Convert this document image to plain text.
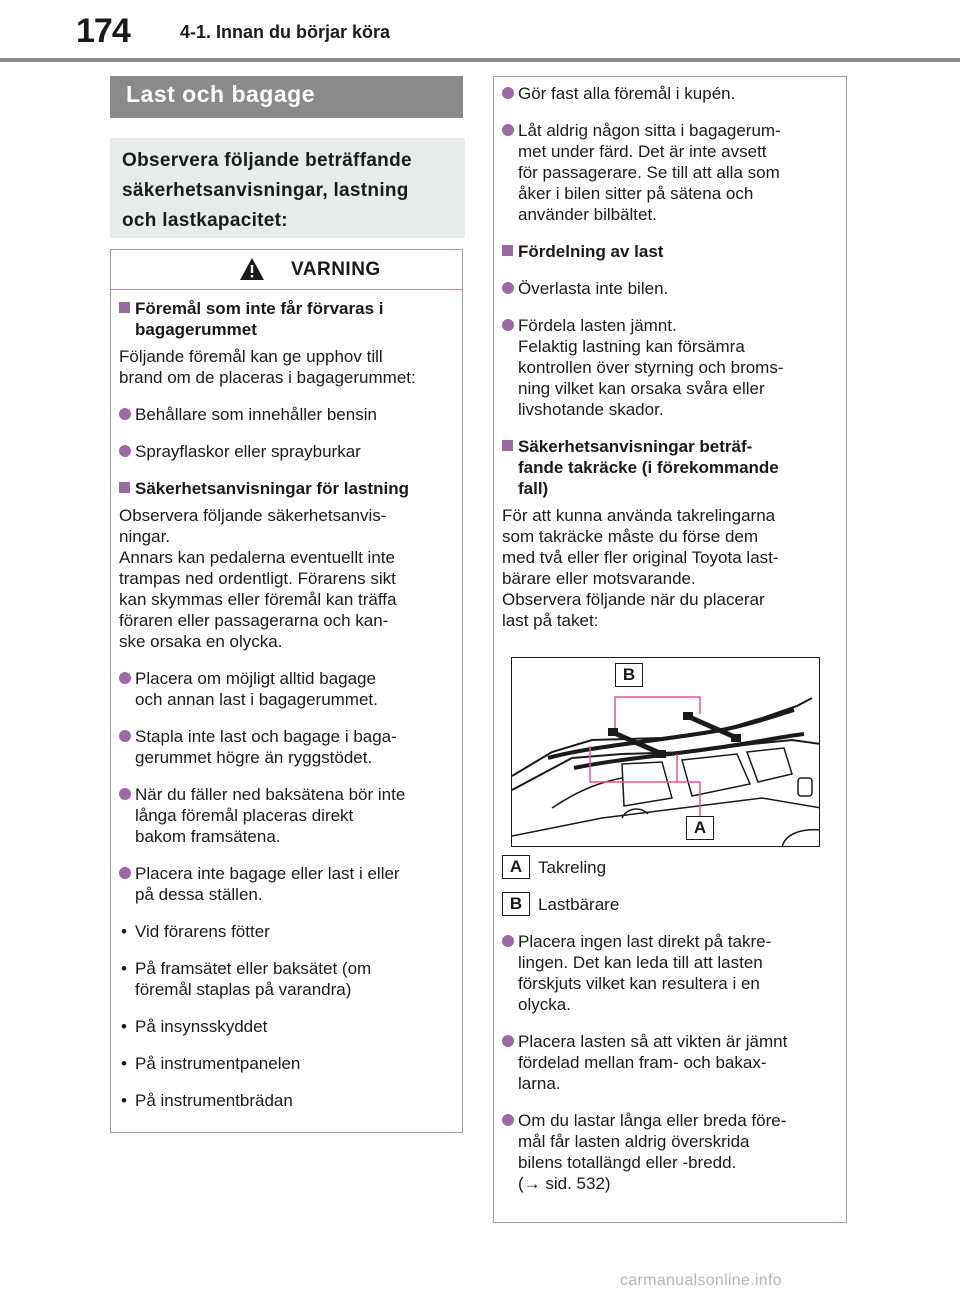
174	4-1. Innan du börjar köra
Last och bagage

Observera följande beträffande

säkerhetsanvisningar, lastning

och lastkapacitet:

VARNING
Föremål som inte får förvaras i
bagagerummet
Följande föremål kan ge upphov till
brand om de placeras i bagagerummet:
Behållare som innehåller bensin
Sprayflaskor eller sprayburkar
Säkerhetsanvisningar för lastning
Observera följande säkerhetsanvis-
ningar.
Annars kan pedalerna eventuellt inte
trampas ned ordentligt. Förarens sikt
kan skymmas eller föremål kan träffa
föraren eller passagerarna och kan-
ske orsaka en olycka.
Placera om möjligt alltid bagage
och annan last i bagagerummet.
Stapla inte last och bagage i baga-
gerummet högre än ryggstödet.
När du fäller ned baksätena bör inte
långa föremål placeras direkt
bakom framsätena.
Placera inte bagage eller last i eller
på dessa ställen.
• Vid förarens fötter
• På framsätet eller baksätet (om
föremål staplas på varandra)
• På insynsskyddet
• På instrumentpanelen
• På instrumentbrädan
Gör fast alla föremål i kupén.
Låt aldrig någon sitta i bagagerum-
met under färd. Det är inte avsett
för passagerare. Se till att alla som
åker i bilen sitter på sätena och
använder bilbältet.
Fördelning av last
Överlasta inte bilen.
Fördela lasten jämnt.
Felaktig lastning kan försämra
kontrollen över styrning och broms-
ning vilket kan orsaka svåra eller
livshotande skador.
Säkerhetsanvisningar beträf-
fande takräcke (i förekommande
fall)
För att kunna använda takrelingarna
som takräcke måste du förse dem
med två eller fler original Toyota last-
bärare eller motsvarande.
Observera följande när du placerar
last på taket:
B
A
A Takreling
B Lastbärare
Placera ingen last direkt på takre-
lingen. Det kan leda till att lasten
förskjuts vilket kan resultera i en
olycka.
Placera lasten så att vikten är jämnt
fördelad mellan fram- och bakax-
larna.
Om du lastar långa eller breda före-
mål får lasten aldrig överskrida
bilens totallängd eller -bredd.
(→ sid. 532)
carmanualsonline.info
